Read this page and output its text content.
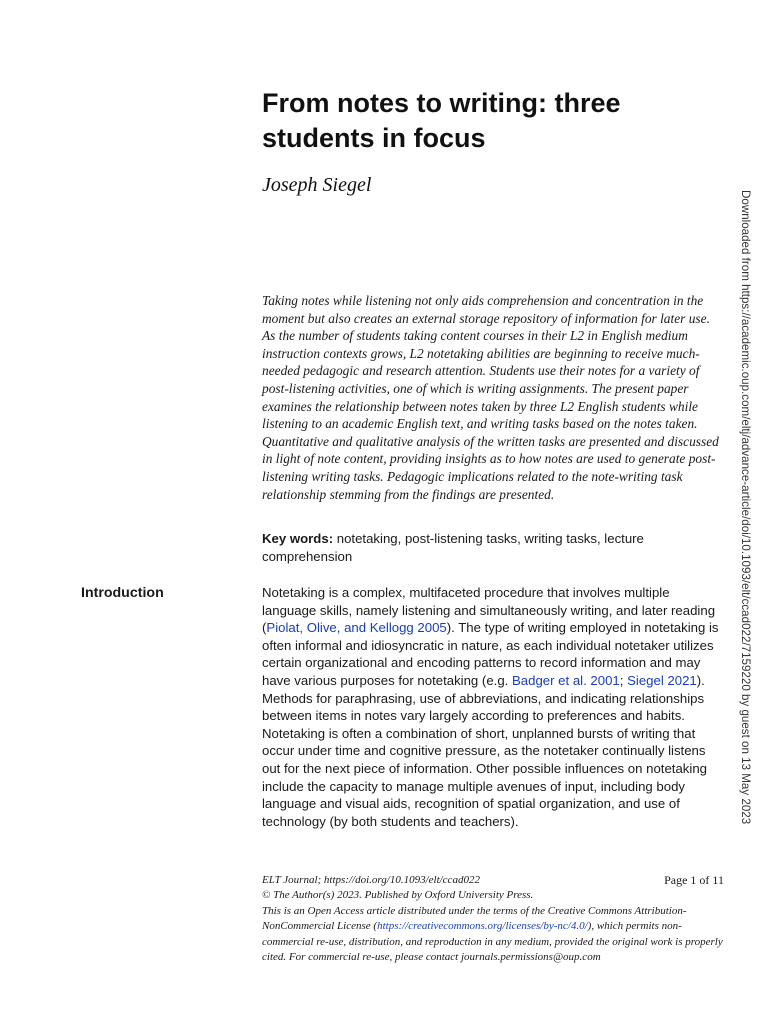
From notes to writing: three
students in focus
Joseph Siegel

Taking notes while listening not only aids comprehension and concentration in the moment but also creates an external storage repository of information for later use. As the number of students taking content courses in their L2 in English medium instruction contexts grows, L2 notetaking abilities are beginning to receive much-needed pedagogic and research attention. Students use their notes for a variety of post-listening activities, one of which is writing assignments. The present paper examines the relationship between notes taken by three L2 English students while listening to an academic English text, and writing tasks based on the notes taken. Quantitative and qualitative analysis of the written tasks are presented and discussed in light of note content, providing insights as to how notes are used to generate post-listening writing tasks. Pedagogic implications related to the note-writing task relationship stemming from the findings are presented.

Key words: notetaking, post-listening tasks, writing tasks, lecture comprehension

Introduction	Notetaking is a complex, multifaceted procedure that involves multiple language skills, namely listening and simultaneously writing, and later reading (Piolat, Olive, and Kellogg 2005). The type of writing employed in notetaking is often informal and idiosyncratic in nature, as each individual notetaker utilizes certain organizational and encoding patterns to record information and may have various purposes for notetaking (e.g. Badger et al. 2001; Siegel 2021). Methods for paraphrasing, use of abbreviations, and indicating relationships between items in notes vary largely according to preferences and habits. Notetaking is often a combination of short, unplanned bursts of writing that occur under time and cognitive pressure, as the notetaker continually listens out for the next piece of information. Other possible influences on notetaking include the capacity to manage multiple avenues of input, including body language and visual aids, recognition of spatial organization, and use of technology (by both students and teachers).

ELT Journal; https://doi.org/10.1093/elt/ccad022
© The Author(s) 2023. Published by Oxford University Press.
Page 1 of 11
This is an Open Access article distributed under the terms of the Creative Commons Attribution-NonCommercial License (https://creativecommons.org/licenses/by-nc/4.0/), which permits non-commercial re-use, distribution, and reproduction in any medium, provided the original work is properly cited. For commercial re-use, please contact journals.permissions@oup.com
Downloaded from https://academic.oup.com/eltj/advance-article/doi/10.1093/elt/ccad022/7159220 by guest on 13 May 2023
